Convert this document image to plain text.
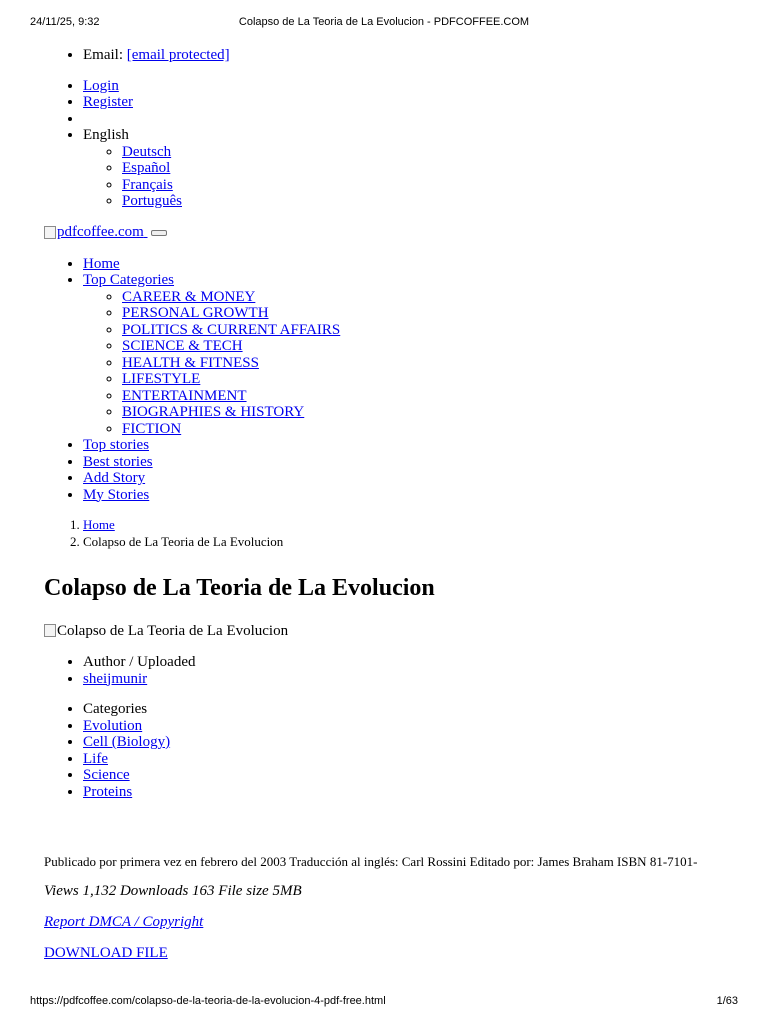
24/11/25, 9:32	Colapso de La Teoria de La Evolucion - PDFCOFFEE.COM
• Email: [email protected]
• Login
• Register
•
• English
◦ Deutsch
◦ Español
◦ Français
◦ Português
pdfcoffee.com

• Home
• Top Categories
◦ CAREER & MONEY
◦ PERSONAL GROWTH
◦ POLITICS & CURRENT AFFAIRS
◦ SCIENCE & TECH
◦ HEALTH & FITNESS
◦ LIFESTYLE
◦ ENTERTAINMENT
◦ BIOGRAPHIES & HISTORY
◦ FICTION
• Top stories
• Best stories
• Add Story
• My Stories
1. Home
2. Colapso de La Teoria de La Evolucion
Colapso de La Teoria de La Evolucion
Colapso de La Teoria de La Evolucion
• Author / Uploaded
• sheijmunir
• Categories
• Evolution
• Cell (Biology)
• Life
• Science
• Proteins
Publicado por primera vez en febrero del 2003 Traducción al inglés: Carl Rossini Editado por: James Braham ISBN 81-7101-
Views 1,132 Downloads 163 File size 5MB
Report DMCA / Copyright
DOWNLOAD FILE
https://pdfcoffee.com/colapso-de-la-teoria-de-la-evolucion-4-pdf-free.html	1/63
